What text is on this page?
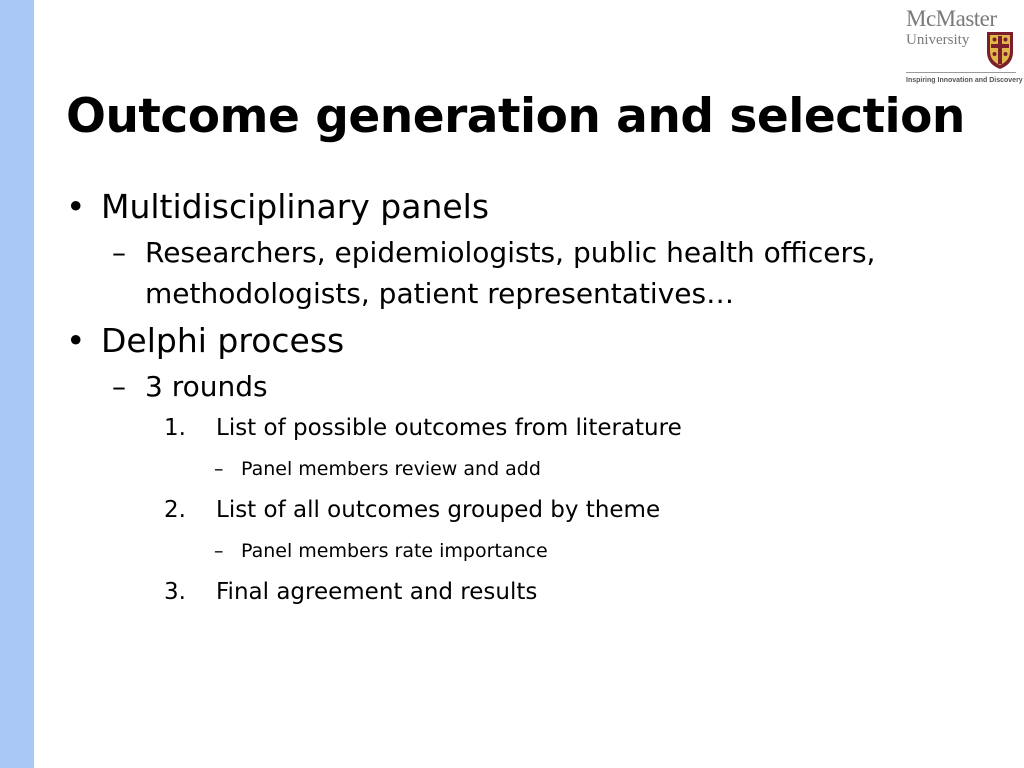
McMaster
University
Inspiring Innovation and Discovery
Outcome generation and selection
• Multidisciplinary panels
– Researchers, epidemiologists, public health officers, methodologists, patient representatives…
• Delphi process
– 3 rounds
1. List of possible outcomes from literature
– Panel members review and add
2. List of all outcomes grouped by theme
– Panel members rate importance
3. Final agreement and results
